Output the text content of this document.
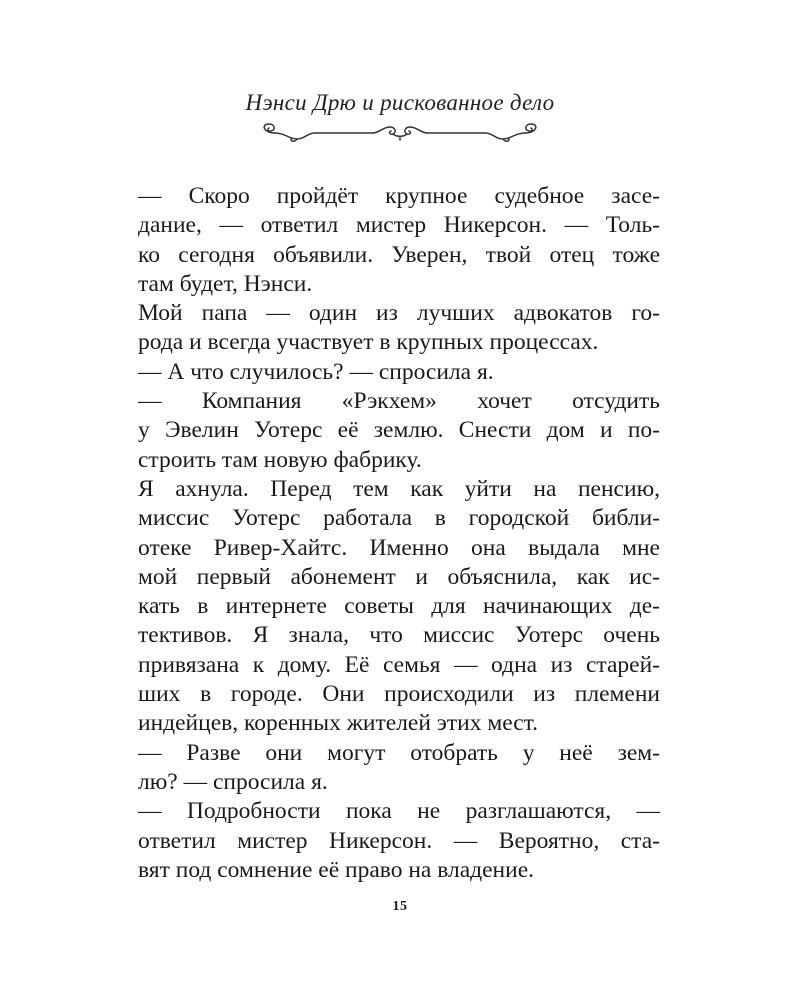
Нэнси Дрю и рискованное дело
— Скоро пройдёт крупное судебное засе-
дание, — ответил мистер Никерсон. — Толь-
ко сегодня объявили. Уверен, твой отец тоже
там будет, Нэнси.
Мой папа — один из лучших адвокатов го-
рода и всегда участвует в крупных процессах.
— А что случилось? — спросила я.
— Компания «Рэкхем» хочет отсудить
у Эвелин Уотерс её землю. Снести дом и по-
строить там новую фабрику.
Я ахнула. Перед тем как уйти на пенсию,
миссис Уотерс работала в городской библи-
отеке Ривер-Хайтс. Именно она выдала мне
мой первый абонемент и объяснила, как ис-
кать в интернете советы для начинающих де-
тективов. Я знала, что миссис Уотерс очень
привязана к дому. Её семья — одна из старей-
ших в городе. Они происходили из племени
индейцев, коренных жителей этих мест.
— Разве они могут отобрать у неё зем-
лю? — спросила я.
— Подробности пока не разглашаются, —
ответил мистер Никерсон. — Вероятно, ста-
вят под сомнение её право на владение.
15
